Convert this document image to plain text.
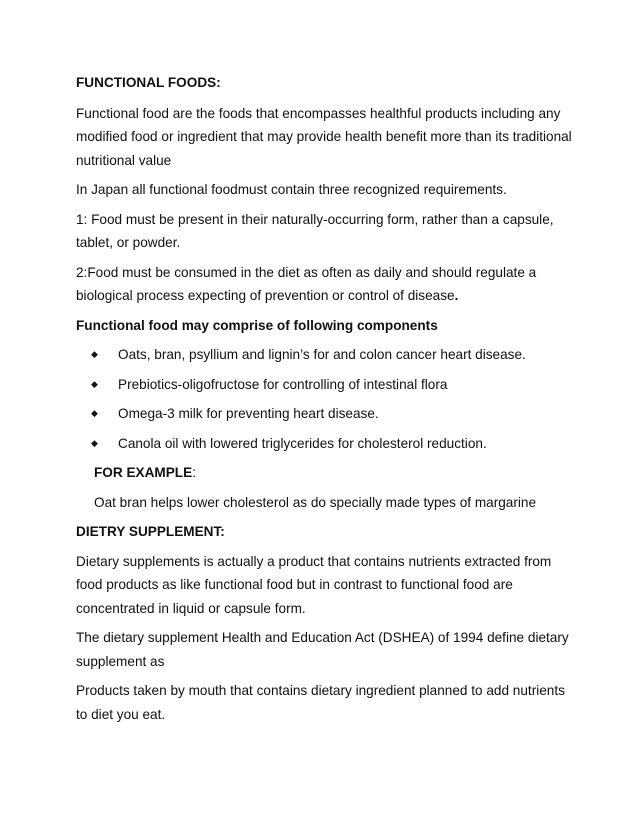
FUNCTIONAL FOODS:

Functional food are the foods that encompasses healthful products including any modified food or ingredient that may provide health benefit more than its traditional nutritional value

In Japan all functional foodmust contain three recognized requirements.

1: Food must be present in their naturally-occurring form, rather than a capsule, tablet, or powder.

2:Food must be consumed in the diet as often as daily and should regulate a biological process expecting of prevention or control of disease.

Functional food may comprise of following components

◆ Oats, bran, psyllium and lignin’s for and colon cancer heart disease.
◆ Prebiotics-oligofructose for controlling of intestinal flora
◆ Omega-3 milk for preventing heart disease.
◆ Canola oil with lowered triglycerides for cholesterol reduction.

FOR EXAMPLE:

Oat bran helps lower cholesterol as do specially made types of margarine

DIETRY SUPPLEMENT:

Dietary supplements is actually a product that contains nutrients extracted from food products as like functional food but in contrast to functional food are concentrated in liquid or capsule form.

The dietary supplement Health and Education Act (DSHEA) of 1994 define dietary supplement as

Products taken by mouth that contains dietary ingredient planned to add nutrients to diet you eat.
